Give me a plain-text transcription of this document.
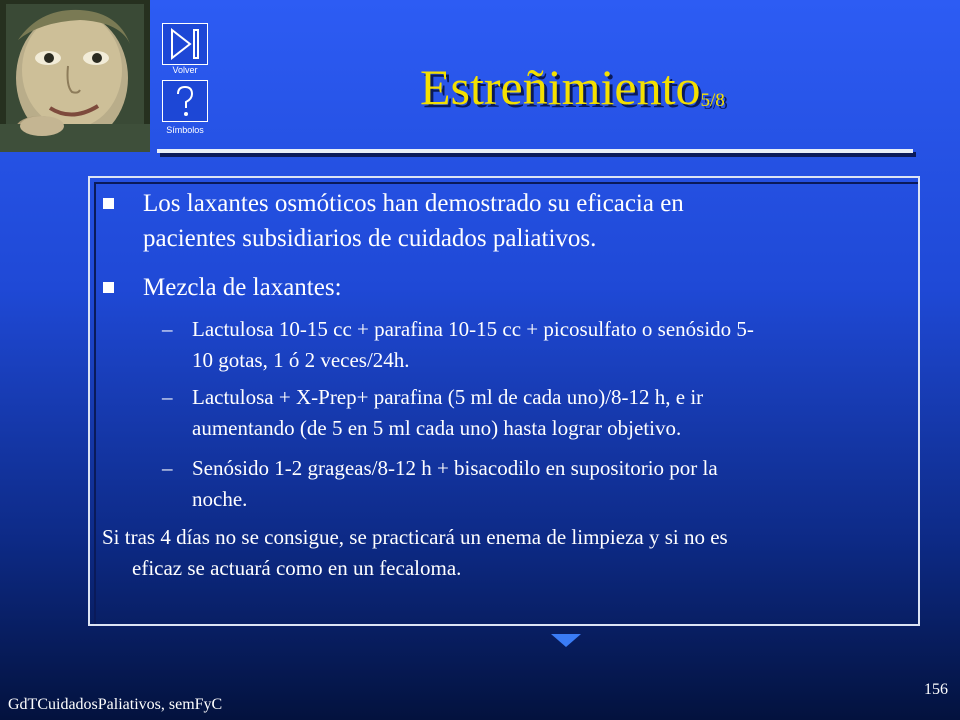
Volver
Símbolos
Estreñimiento$_{5/8}$
Los laxantes osmóticos han demostrado su eficacia en
pacientes subsidiarios de cuidados paliativos.
Mezcla de laxantes:
– Lactulosa 10-15 cc + parafina 10-15 cc + picosulfato o senósido 5-
10 gotas, 1 ó 2 veces/24h.
– Lactulosa + X-Prep+ parafina (5 ml de cada uno)/8-12 h, e ir
aumentando (de 5 en 5 ml cada uno) hasta lograr objetivo.
– Senósido 1-2 grageas/8-12 h + bisacodilo en supositorio por la
noche.
Si tras 4 días no se consigue, se practicará un enema de limpieza y si no es
eficaz se actuará como en un fecaloma.
GdTCuidadosPaliativos, semFyC
156
